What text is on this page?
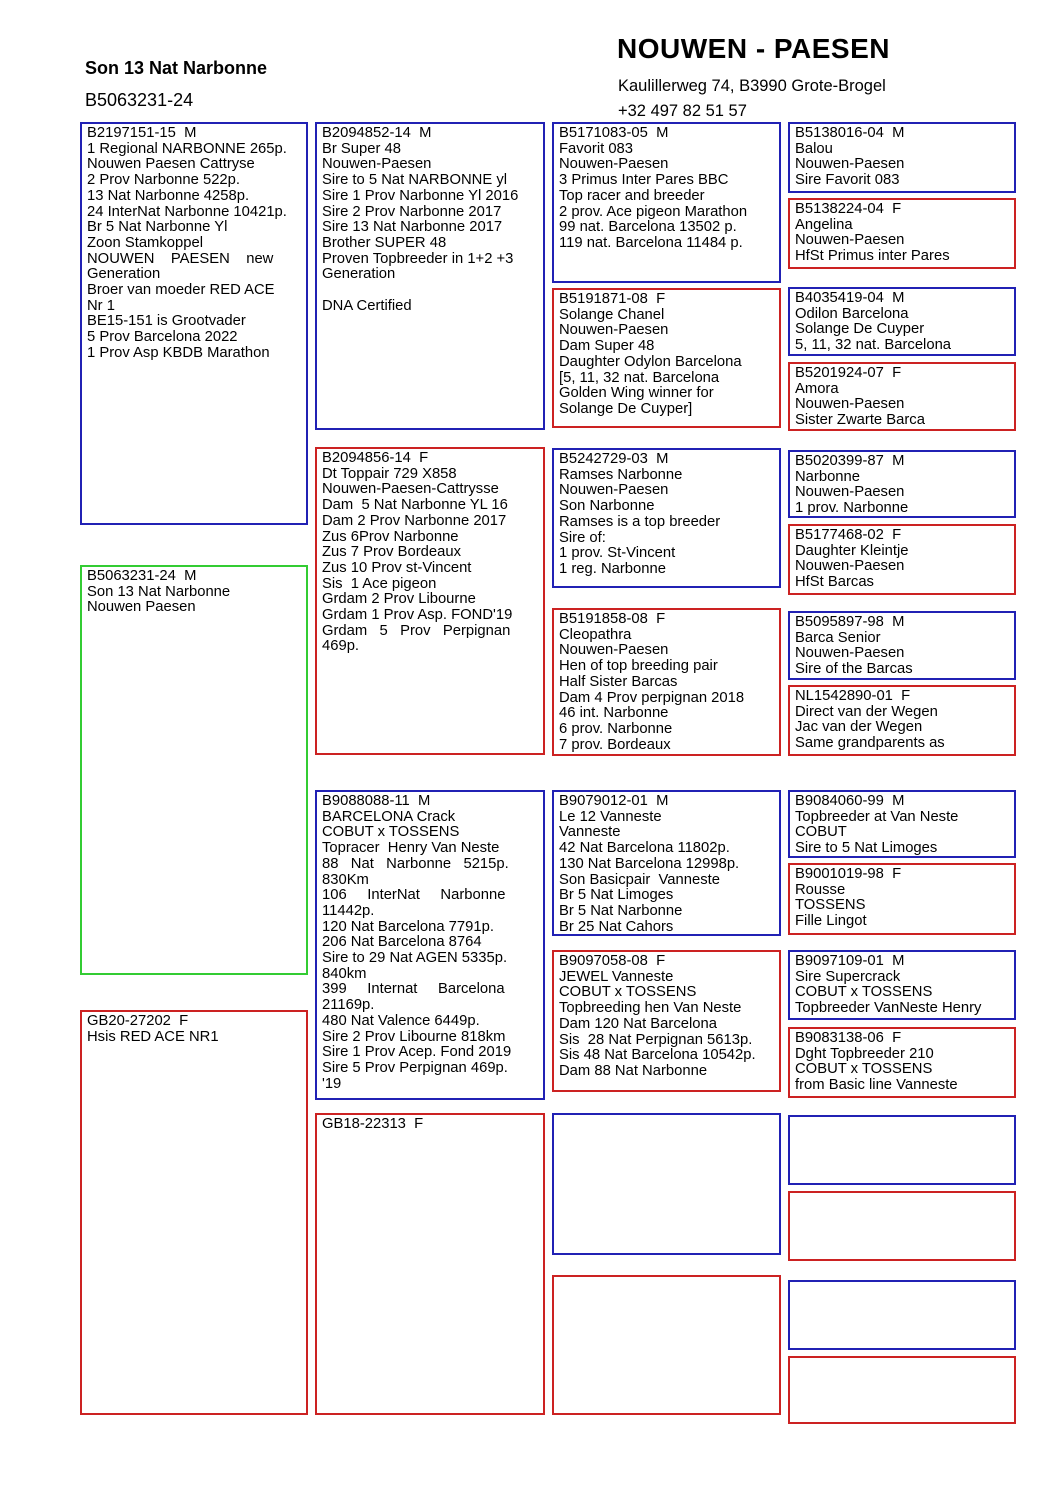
Son 13 Nat Narbonne
B5063231-24
NOUWEN - PAESEN
Kaulillerweg 74, B3990 Grote-Brogel
+32 497 82 51 57
B2197151-15  M
1 Regional NARBONNE 265p.
Nouwen Paesen Cattryse
2 Prov Narbonne 522p.
13 Nat Narbonne 4258p.
24 InterNat Narbonne 10421p.
Br 5 Nat Narbonne Yl
Zoon Stamkoppel
NOUWEN    PAESEN    new
Generation
Broer van moeder RED ACE
Nr 1
BE15-151 is Grootvader
5 Prov Barcelona 2022
1 Prov Asp KBDB Marathon
B5063231-24  M
Son 13 Nat Narbonne
Nouwen Paesen
GB20-27202  F
Hsis RED ACE NR1
B2094852-14  M
Br Super 48
Nouwen-Paesen
Sire to 5 Nat NARBONNE yl
Sire 1 Prov Narbonne Yl 2016
Sire 2 Prov Narbonne 2017
Sire 13 Nat Narbonne 2017
Brother SUPER 48
Proven Topbreeder in 1+2 +3
Generation

DNA Certified
B2094856-14  F
Dt Toppair 729 X858
Nouwen-Paesen-Cattrysse
Dam  5 Nat Narbonne YL 16
Dam 2 Prov Narbonne 2017
Zus 6Prov Narbonne
Zus 7 Prov Bordeaux
Zus 10 Prov st-Vincent
Sis  1 Ace pigeon
Grdam 2 Prov Libourne
Grdam 1 Prov Asp. FOND'19
Grdam   5   Prov   Perpignan
469p.
B9088088-11  M
BARCELONA Crack
COBUT x TOSSENS
Topracer  Henry Van Neste
88   Nat   Narbonne   5215p.
830Km
106     InterNat     Narbonne
11442p.
120 Nat Barcelona 7791p.
206 Nat Barcelona 8764
Sire to 29 Nat AGEN 5335p.
840km
399     Internat     Barcelona
21169p.
480 Nat Valence 6449p.
Sire 2 Prov Libourne 818km
Sire 1 Prov Acep. Fond 2019
Sire 5 Prov Perpignan 469p.
'19
GB18-22313  F
B5171083-05  M
Favorit 083
Nouwen-Paesen
3 Primus Inter Pares BBC
Top racer and breeder
2 prov. Ace pigeon Marathon
99 nat. Barcelona 13502 p.
119 nat. Barcelona 11484 p.
B5191871-08  F
Solange Chanel
Nouwen-Paesen
Dam Super 48
Daughter Odylon Barcelona
[5, 11, 32 nat. Barcelona
Golden Wing winner for
Solange De Cuyper]
B5242729-03  M
Ramses Narbonne
Nouwen-Paesen
Son Narbonne
Ramses is a top breeder
Sire of:
1 prov. St-Vincent
1 reg. Narbonne
B5191858-08  F
Cleopathra
Nouwen-Paesen
Hen of top breeding pair
Half Sister Barcas
Dam 4 Prov perpignan 2018
46 int. Narbonne
6 prov. Narbonne
7 prov. Bordeaux
B9079012-01  M
Le 12 Vanneste
Vanneste
42 Nat Barcelona 11802p.
130 Nat Barcelona 12998p.
Son Basicpair  Vanneste
Br 5 Nat Limoges
Br 5 Nat Narbonne
Br 25 Nat Cahors
B9097058-08  F
JEWEL Vanneste
COBUT x TOSSENS
Topbreeding hen Van Neste
Dam 120 Nat Barcelona
Sis  28 Nat Perpignan 5613p.
Sis 48 Nat Barcelona 10542p.
Dam 88 Nat Narbonne
B5138016-04  M
Balou
Nouwen-Paesen
Sire Favorit 083
B5138224-04  F
Angelina
Nouwen-Paesen
HfSt Primus inter Pares
B4035419-04  M
Odilon Barcelona
Solange De Cuyper
5, 11, 32 nat. Barcelona
B5201924-07  F
Amora
Nouwen-Paesen
Sister Zwarte Barca
B5020399-87  M
Narbonne
Nouwen-Paesen
1 prov. Narbonne
B5177468-02  F
Daughter Kleintje
Nouwen-Paesen
HfSt Barcas
B5095897-98  M
Barca Senior
Nouwen-Paesen
Sire of the Barcas
NL1542890-01  F
Direct van der Wegen
Jac van der Wegen
Same grandparents as
B9084060-99  M
Topbreeder at Van Neste
COBUT
Sire to 5 Nat Limoges
B9001019-98  F
Rousse
TOSSENS
Fille Lingot
B9097109-01  M
Sire Supercrack
COBUT x TOSSENS
Topbreeder VanNeste Henry
B9083138-06  F
Dght Topbreeder 210
COBUT x TOSSENS
from Basic line Vanneste
